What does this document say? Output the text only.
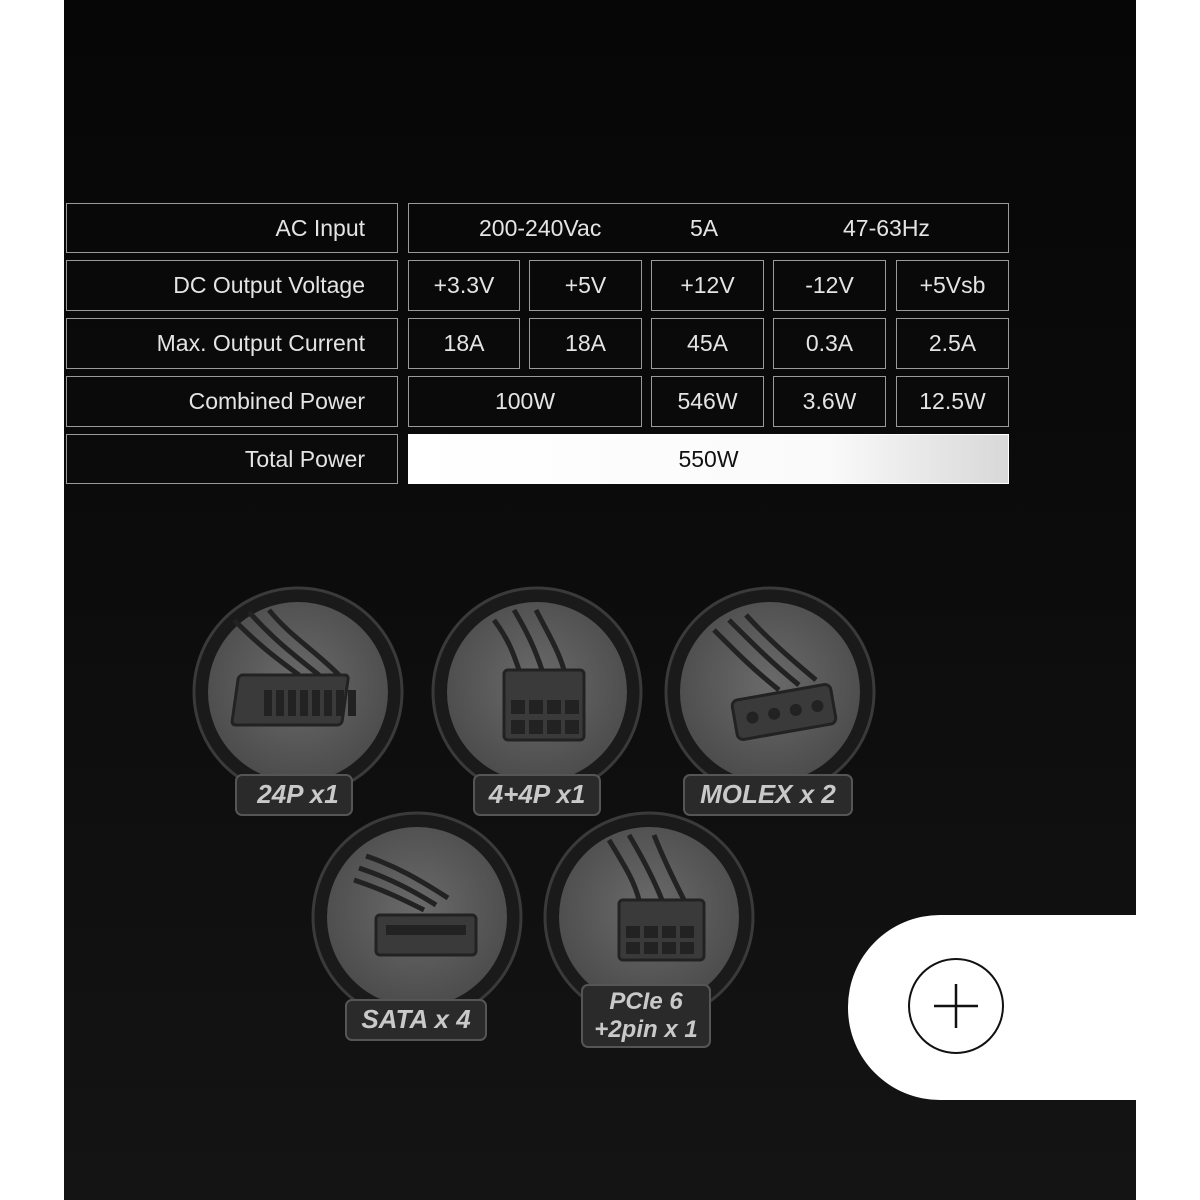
AC Input	200-240Vac	5A	47-63Hz
DC Output Voltage	+3.3V	+5V	+12V	-12V	+5Vsb
Max. Output Current	18A	18A	45A	0.3A	2.5A
Combined Power	100W	546W	3.6W	12.5W
Total Power	550W
24P x1	4+4P x1	MOLEX x 2
SATA x 4
PCIe 6
+2pin x 1
